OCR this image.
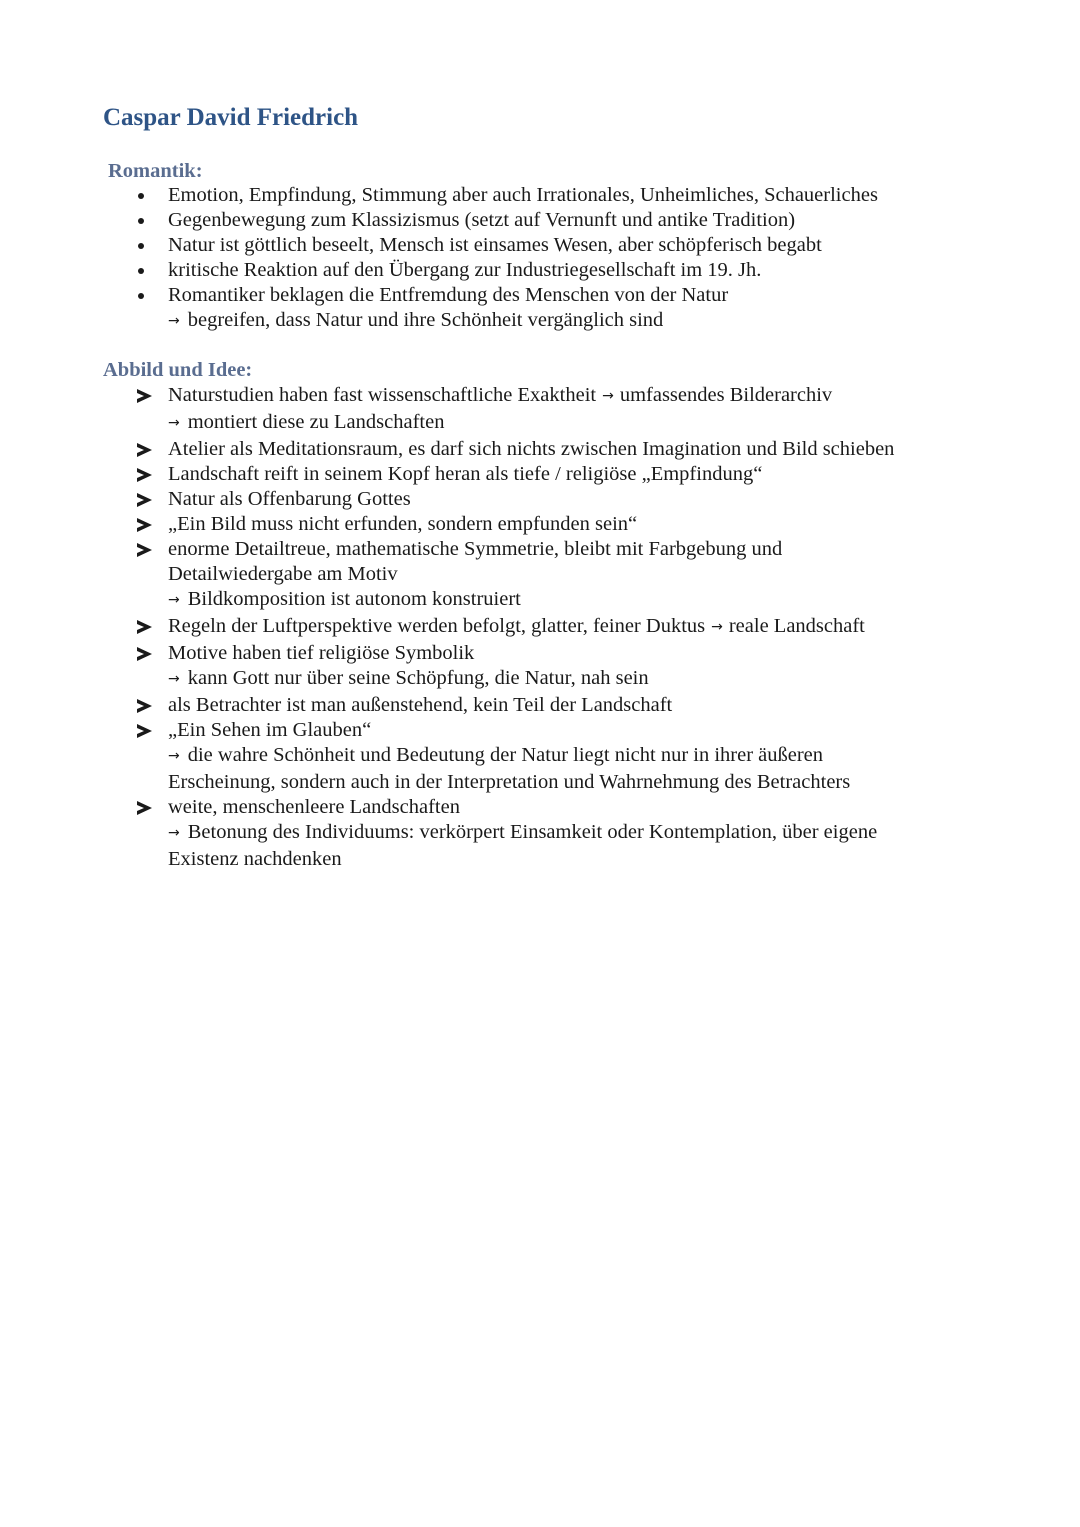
Caspar David Friedrich
Romantik:
Emotion, Empfindung, Stimmung aber auch Irrationales, Unheimliches, Schauerliches
Gegenbewegung zum Klassizismus (setzt auf Vernunft und antike Tradition)
Natur ist göttlich beseelt, Mensch ist einsames Wesen, aber schöpferisch begabt
kritische Reaktion auf den Übergang zur Industriegesellschaft im 19. Jh.
Romantiker beklagen die Entfremdung des Menschen von der Natur
→ begreifen, dass Natur und ihre Schönheit vergänglich sind
Abbild und Idee:
Naturstudien haben fast wissenschaftliche Exaktheit → umfassendes Bilderarchiv
→ montiert diese zu Landschaften
Atelier als Meditationsraum, es darf sich nichts zwischen Imagination und Bild schieben
Landschaft reift in seinem Kopf heran als tiefe / religiöse „Empfindung“
Natur als Offenbarung Gottes
„Ein Bild muss nicht erfunden, sondern empfunden sein“
enorme Detailtreue, mathematische Symmetrie, bleibt mit Farbgebung und Detailwiedergabe am Motiv
→ Bildkomposition ist autonom konstruiert
Regeln der Luftperspektive werden befolgt, glatter, feiner Duktus → reale Landschaft
Motive haben tief religiöse Symbolik
→ kann Gott nur über seine Schöpfung, die Natur, nah sein
als Betrachter ist man außenstehend, kein Teil der Landschaft
„Ein Sehen im Glauben“
→ die wahre Schönheit und Bedeutung der Natur liegt nicht nur in ihrer äußeren Erscheinung, sondern auch in der Interpretation und Wahrnehmung des Betrachters
weite, menschenleere Landschaften
→ Betonung des Individuums: verkörpert Einsamkeit oder Kontemplation, über eigene Existenz nachdenken
